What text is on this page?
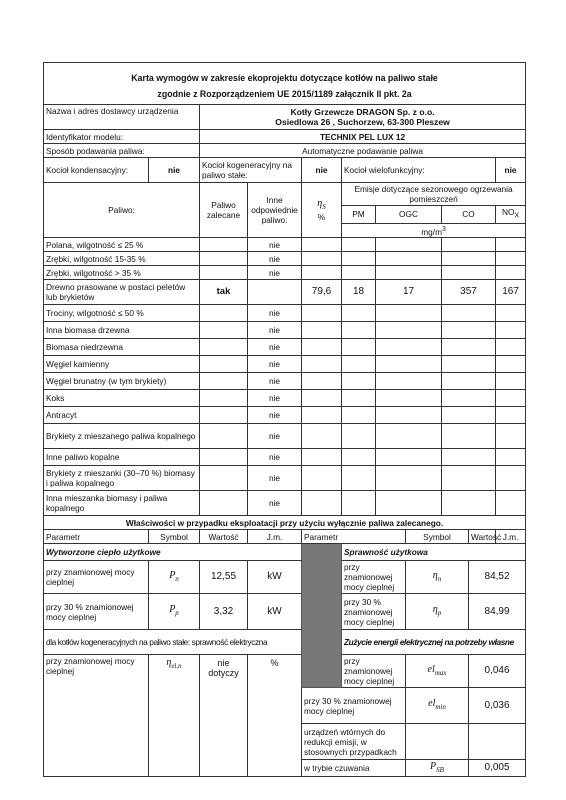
Karta wymogów w zakresie ekoprojektu dotyczące kotłów na paliwo stałe
zgodnie z Rozporządzeniem UE 2015/1189 załącznik II pkt. 2a											

Nazwa i adres dostawcy urządzenia		Kotły Grzewcze DRAGON Sp. z o.o.
Osiedlowa 26 , Suchorzew, 63-300 Pleszew									

Identyfikator modelu:		TECHNIX PEL LUX 12									
Sposób podawania paliwa:		Automatyczne podawanie paliwa									
Kocioł kondensacyjny:	nie	Kocioł kogeneracyjny na paliwo stałe:		nie	Kocioł wielofunkcyjny:					nie	
Paliwo:		Paliwo zalecane	Inne odpowiednie paliwo:	$\eta_S$
%	Emisje dotyczące sezonowego ogrzewania pomieszczeń						
					PM	OGC		CO		$NO_X$
					$mg/m^3$
Polana, wilgotność ≤ 25 %			nie								
Zrębki, wilgotność 15-35 %			nie								
Zrębki, wilgotność > 35 %			nie								
Drewno prasowane w postaci peletów lub brykietów		tak		79,6	18	17		357		167	
Trociny, wilgotność ≤ 50 %			nie								
Inna biomasa drzewna			nie								
Biomasa niedrzewna			nie								
Węgiel kamienny			nie								
Węgiel brunatny (w tym brykiety)			nie								
Koks			nie								
Antracyt			nie								
Brykiety z mieszanego paliwa kopalnego			nie								
Inne paliwo kopalne			nie								
Brykiety z mieszanki (30–70 %) biomasy i paliwa kopalnego			nie								
Inna mieszanka biomasy i paliwa kopalnego			nie								
Właściwości w przypadku eksploatacji przy użyciu wyłącznie paliwa zalecanego.											
Parametr	Symbol	Wartość	J.m.	Parametr			Symbol		Wartość	J.m.	
Wytworzone ciepło użytkowe					Sprawność użytkowa						
przy znamionowej mocy cieplnej	$P_n$	12,55	kW		przy znamionowej mocy cieplnej		$\eta_n$		84,52	
przy 30 % znamionowej mocy cieplnej	$P_p$	3,32	kW		przy 30 % znamionowej mocy cieplnej		$\eta_p$		84,99	
dla kotłów kogeneracyjnych na paliwo stałe: sprawność elektryczna					Zużycie energii elektrycznej na potrzeby własne						
przy znamionowej mocy cieplnej	$\eta_{el,n}$	nie dotyczy	%		przy znamionowej mocy cieplnej		$el_{max}$		0,046	
				przy 30 % znamionowej mocy cieplnej			$el_{min}$		0,036	
				urządzeń wtórnych do redukcji emisji, w stosownych przypadkach			
				w trybie czuwania			$P_{SB}$		0,005	
